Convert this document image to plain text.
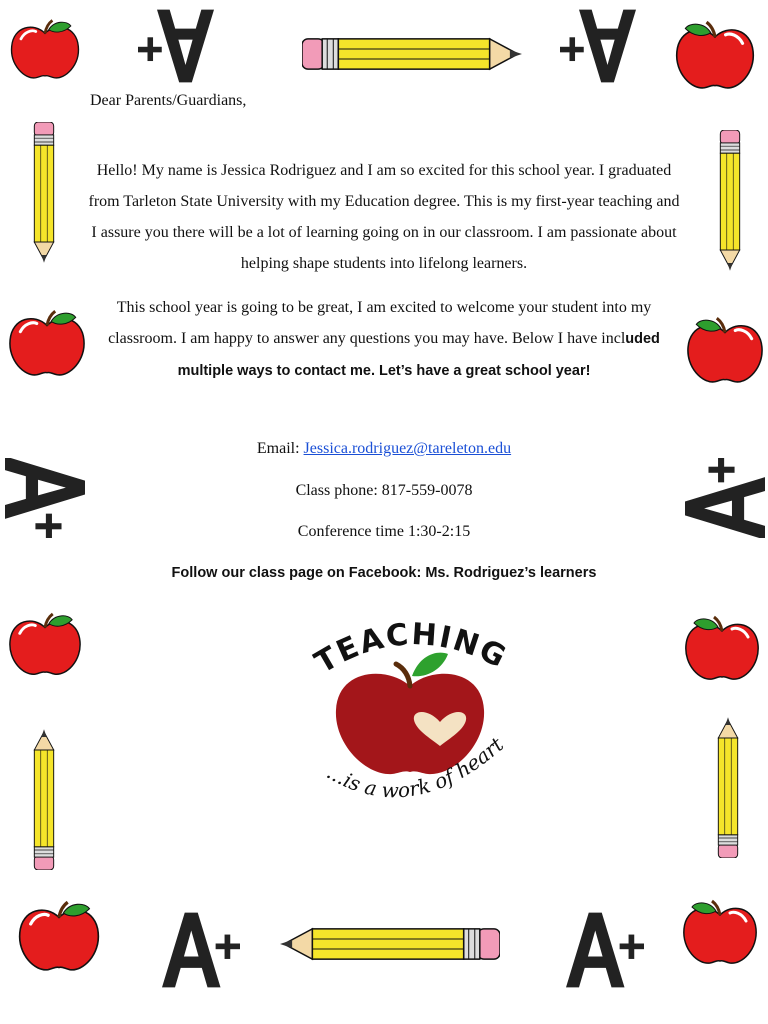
Dear Parents/Guardians,

Hello! My name is Jessica Rodriguez and I am so excited for this school year. I graduated from Tarleton State University with my Education degree. This is my first-year teaching and I assure you there will be a lot of learning going on in our classroom. I am passionate about helping shape students into lifelong learners.

This school year is going to be great, I am excited to welcome your student into my classroom. I am happy to answer any questions you may have. Below I have included multiple ways to contact me. Let’s have a great school year!

Email: Jessica.rodriguez@tareleton.edu

Class phone: 817-559-0078

Conference time 1:30-2:15

Follow our class page on Facebook: Ms. Rodriguez’s learners

TEACHING
...is a work of heart
